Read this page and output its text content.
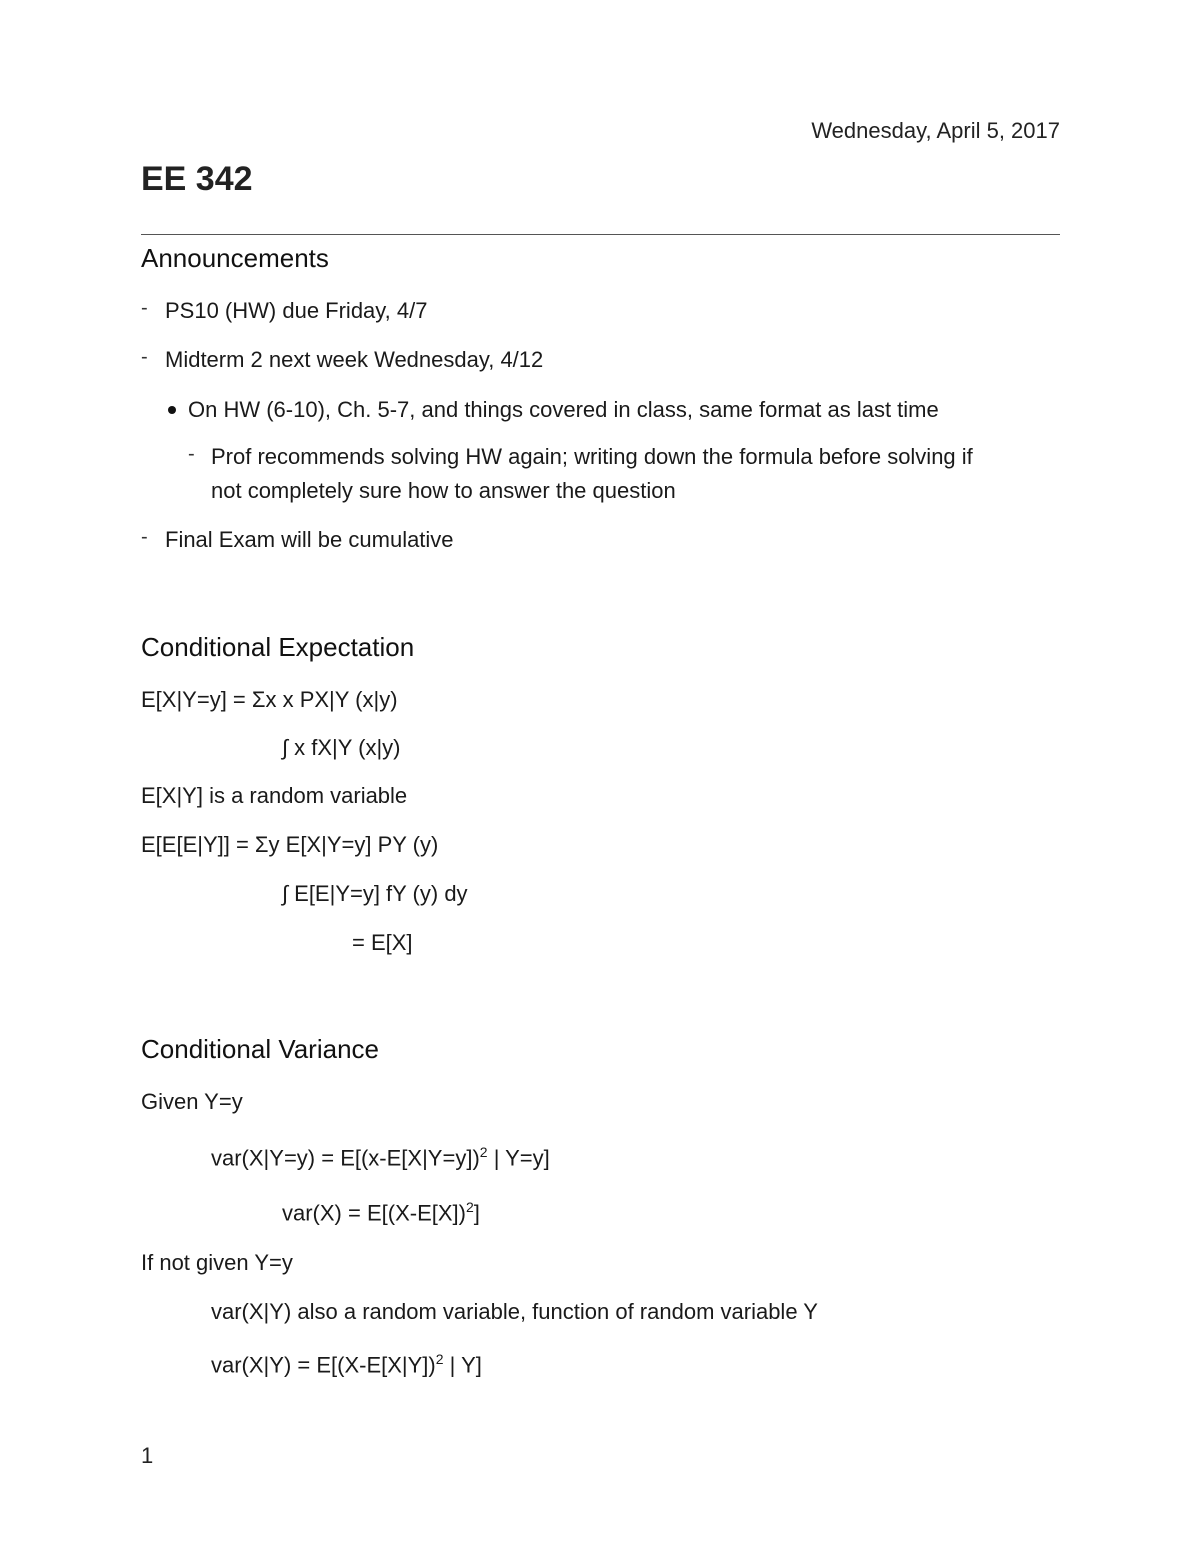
Wednesday, April 5, 2017
EE 342
Announcements
- PS10 (HW) due Friday, 4/7
- Midterm 2 next week Wednesday, 4/12
On HW (6-10), Ch. 5-7, and things covered in class, same format as last time
- Prof recommends solving HW again; writing down the formula before solving if
not completely sure how to answer the question
- Final Exam will be cumulative
Conditional Expectation
E[X|Y=y] = Σx x PX|Y (x|y)
∫ x fX|Y (x|y)
E[X|Y] is a random variable
E[E[E|Y]] = Σy E[X|Y=y] PY (y)
∫ E[E|Y=y] fY (y) dy
= E[X]
Conditional Variance
Given Y=y
var(X|Y=y) = E[(x-E[X|Y=y])$^2$ | Y=y]
$var(X) = E[(X-E[X])^2]$
If not given Y=y
var(X|Y) also a random variable, function of random variable Y
$var(X|Y) = E[(X-E[X|Y])^2$ | Y]
1
